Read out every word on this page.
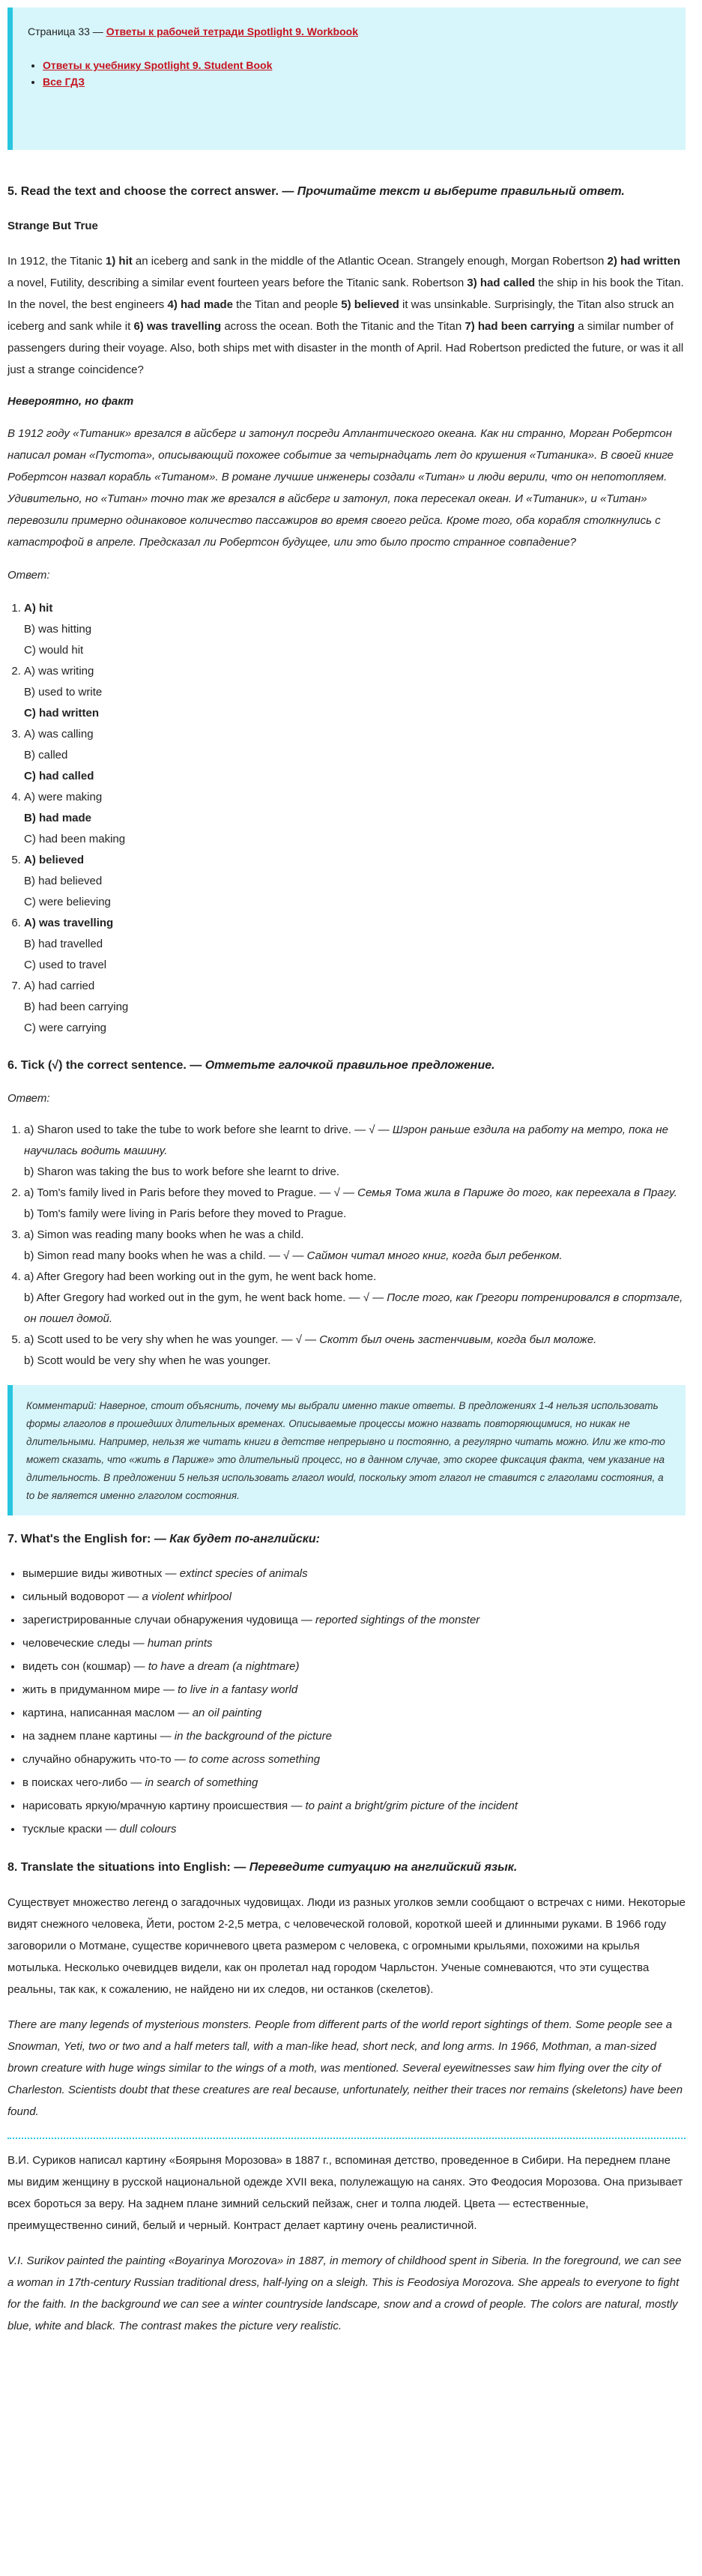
Страница 33 — Ответы к рабочей тетради Spotlight 9. Workbook
• Ответы к учебнику Spotlight 9. Student Book
• Все ГДЗ
5. Read the text and choose the correct answer. — Прочитайте текст и выберите правильный ответ.

Strange But True

In 1912, the Titanic 1) hit an iceberg and sank in the middle of the Atlantic Ocean. Strangely enough, Morgan Robertson 2) had written a novel, Futility, describing a similar event fourteen years before the Titanic sank. Robertson 3) had called the ship in his book the Titan. In the novel, the best engineers 4) had made the Titan and people 5) believed it was unsinkable. Surprisingly, the Titan also struck an iceberg and sank while it 6) was travelling across the ocean. Both the Titanic and the Titan 7) had been carrying a similar number of passengers during their voyage. Also, both ships met with disaster in the month of April. Had Robertson predicted the future, or was it all just a strange coincidence?

Невероятно, но факт

В 1912 году «Титаник» врезался в айсберг и затонул посреди Атлантического океана. Как ни странно, Морган Робертсон написал роман «Пустота», описывающий похожее событие за четырнадцать лет до крушения «Титаника». В своей книге Робертсон назвал корабль «Титаном». В романе лучшие инженеры создали «Титан» и люди верили, что он непотопляем. Удивительно, но «Титан» точно так же врезался в айсберг и затонул, пока пересекал океан. И «Титаник», и «Титан» перевозили примерно одинаковое количество пассажиров во время своего рейса. Кроме того, оба корабля столкнулись с катастрофой в апреле. Предсказал ли Робертсон будущее, или это было просто странное совпадение?

Ответ:

1. A) hit
B) was hitting
C) would hit
2. A) was writing
B) used to write
C) had written
3. A) was calling
B) called
C) had called
4. A) were making
B) had made
C) had been making
5. A) believed
B) had believed
C) were believing
6. A) was travelling
B) had travelled
C) used to travel
7. A) had carried
B) had been carrying
C) were carrying
6. Tick (√) the correct sentence. — Отметьте галочкой правильное предложение.

Ответ:

1. a) Sharon used to take the tube to work before she learnt to drive. — √ — Шэрон раньше ездила на работу на метро, пока не научилась водить машину.
b) Sharon was taking the bus to work before she learnt to drive.
2. a) Tom's family lived in Paris before they moved to Prague. — √ — Семья Тома жила в Париже до того, как переехала в Прагу.
b) Tom's family were living in Paris before they moved to Prague.
3. a) Simon was reading many books when he was a child.
b) Simon read many books when he was a child. — √ — Саймон читал много книг, когда был ребенком.
4. a) After Gregory had been working out in the gym, he went back home.
b) After Gregory had worked out in the gym, he went back home. — √ — После того, как Грегори потренировался в спортзале, он пошел домой.
5. a) Scott used to be very shy when he was younger. — √ — Скотт был очень застенчивым, когда был моложе.
b) Scott would be very shy when he was younger.
Комментарий: Наверное, стоит объяснить, почему мы выбрали именно такие ответы. В предложениях 1-4 нельзя использовать формы глаголов в прошедших длительных временах. Описываемые процессы можно назвать повторяющимися, но никак не длительными. Например, нельзя же читать книги в детстве непрерывно и постоянно, а регулярно читать можно. Или же кто-то может сказать, что «жить в Париже» это длительный процесс, но в данном случае, это скорее фиксация факта, чем указание на длительность. В предложении 5 нельзя использовать глагол would, поскольку этот глагол не ставится с глаголами состояния, а to be является именно глаголом состояния.
7. What's the English for: — Как будет по-английски:
• вымершие виды животных — extinct species of animals
• сильный водоворот — a violent whirlpool
• зарегистрированные случаи обнаружения чудовища — reported sightings of the monster
• человеческие следы — human prints
• видеть сон (кошмар) — to have a dream (a nightmare)
• жить в придуманном мире — to live in a fantasy world
• картина, написанная маслом — an oil painting
• на заднем плане картины — in the background of the picture
• случайно обнаружить что-то — to come across something
• в поисках чего-либо — in search of something
• нарисовать яркую/мрачную картину происшествия — to paint a bright/grim picture of the incident
• тусклые краски — dull colours
8. Translate the situations into English: — Переведите ситуацию на английский язык.

Существует множество легенд о загадочных чудовищах. Люди из разных уголков земли сообщают о встречах с ними. Некоторые видят снежного человека, Йети, ростом 2-2,5 метра, с человеческой головой, короткой шеей и длинными руками. В 1966 году заговорили о Мотмане, существе коричневого цвета размером с человека, с огромными крыльями, похожими на крылья мотылька. Несколько очевидцев видели, как он пролетал над городом Чарльстон. Ученые сомневаются, что эти существа реальны, так как, к сожалению, не найдено ни их следов, ни останков (скелетов).

There are many legends of mysterious monsters. People from different parts of the world report sightings of them. Some people see a Snowman, Yeti, two or two and a half meters tall, with a man-like head, short neck, and long arms. In 1966, Mothman, a man-sized brown creature with huge wings similar to the wings of a moth, was mentioned. Several eyewitnesses saw him flying over the city of Charleston. Scientists doubt that these creatures are real because, unfortunately, neither their traces nor remains (skeletons) have been found.

В.И. Суриков написал картину «Боярыня Морозова» в 1887 г., вспоминая детство, проведенное в Сибири. На переднем плане мы видим женщину в русской национальной одежде XVII века, полулежащую на санях. Это Феодосия Морозова. Она призывает всех бороться за веру. На заднем плане зимний сельский пейзаж, снег и толпа людей. Цвета — естественные, преимущественно синий, белый и черный. Контраст делает картину очень реалистичной.

V.I. Surikov painted the painting «Boyarinya Morozova» in 1887, in memory of childhood spent in Siberia. In the foreground, we can see a woman in 17th-century Russian traditional dress, half-lying on a sleigh. This is Feodosiya Morozova. She appeals to everyone to fight for the faith. In the background we can see a winter countryside landscape, snow and a crowd of people. The colors are natural, mostly blue, white and black. The contrast makes the picture very realistic.
